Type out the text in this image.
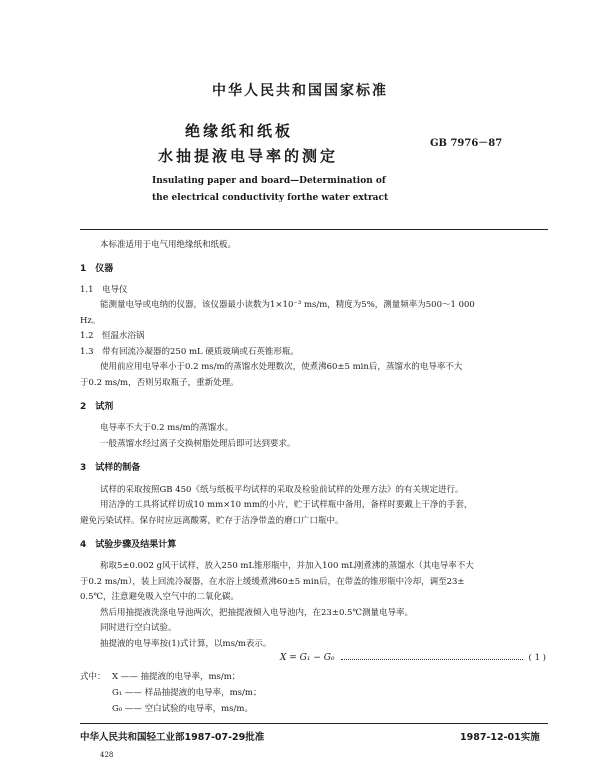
中华人民共和国国家标准
绝缘纸和纸板
水抽提液电导率的测定
GB 7976－87
Insulating paper and board—Determination of
the electrical conductivity forthe water extract
本标准适用于电气用绝缘纸和纸板。
1　仪器
1.1　电导仪
能测量电导或电纳的仪器，该仪器最小读数为1×10⁻³ ms/m，精度为5%，测量频率为500～1 000
Hz。
1.2　恒温水浴锅
1.3　带有回流冷凝器的250 mL 硬质玻璃或石英锥形瓶。
使用前应用电导率小于0.2 ms/m的蒸馏水处理数次，使煮沸60±5 min后，蒸馏水的电导率不大
于0.2 ms/m，否则另取瓶子，重新处理。
2　试剂
电导率不大于0.2 ms/m的蒸馏水。
一般蒸馏水经过离子交换树脂处理后即可达到要求。
3　试样的制备
试样的采取按照GB 450《纸与纸板平均试样的采取及检验前试样的处理方法》的有关规定进行。
用洁净的工具将试样切成10 mm×10 mm的小片，贮于试样瓶中备用，备样时要戴上干净的手套，
避免污染试样。保存时应远离酸雾，贮存于洁净带盖的磨口广口瓶中。
4　试验步骤及结果计算
称取5±0.002 g风干试样，放入250 mL锥形瓶中，并加入100 mL刚煮沸的蒸馏水（其电导率不大
于0.2 ms/m），装上回流冷凝器，在水浴上缓缓煮沸60±5 min后，在带盖的锥形瓶中冷却，调至23±
0.5℃，注意避免吸入空气中的二氧化碳。
然后用抽提液洗涤电导池两次，把抽提液倾入电导池内，在23±0.5℃测量电导率。
同时进行空白试验。
抽提液的电导率按(1)式计算，以ms/m表示。
X = G₁ − G₀	( 1 )
式中： X —— 抽提液的电导率，ms/m；
G₁ —— 样品抽提液的电导率，ms/m；
G₀ —— 空白试验的电导率，ms/m。
中华人民共和国轻工业部1987-07-29批准	1987-12-01实施
428
